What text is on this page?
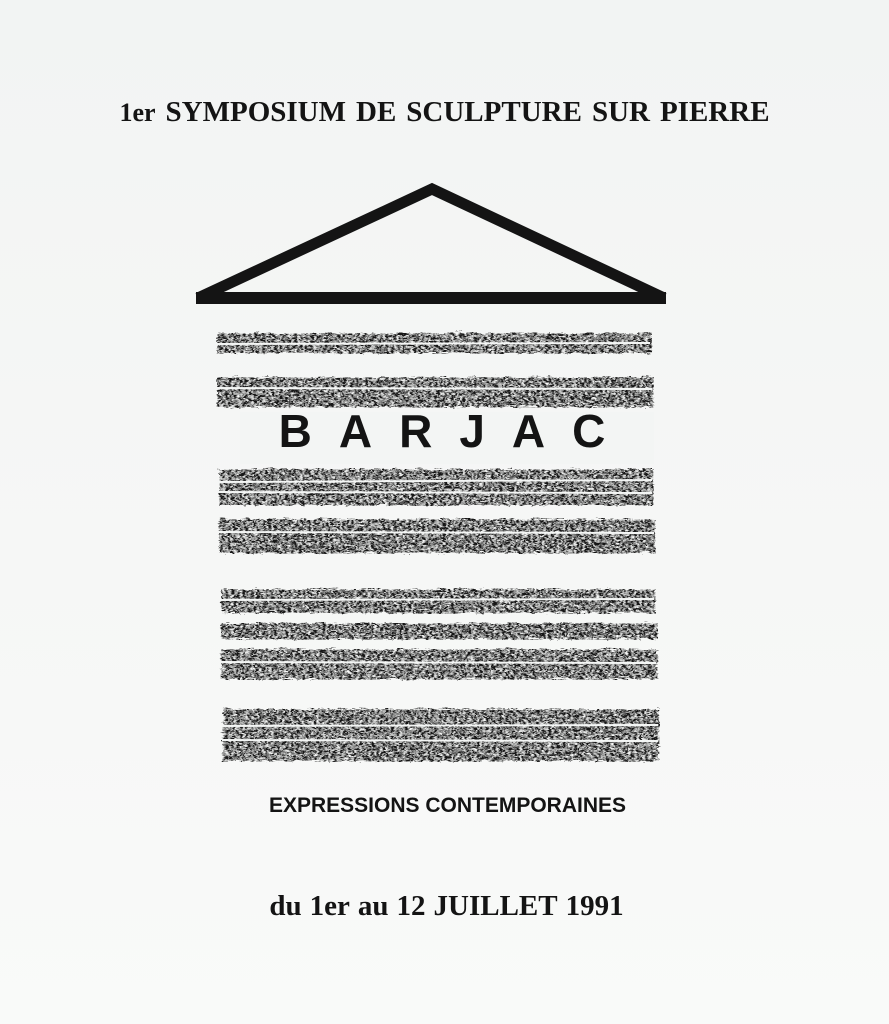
1er SYMPOSIUM DE SCULPTURE SUR PIERRE
BARJAC
EXPRESSIONS CONTEMPORAINES
du 1er au 12 JUILLET 1991
